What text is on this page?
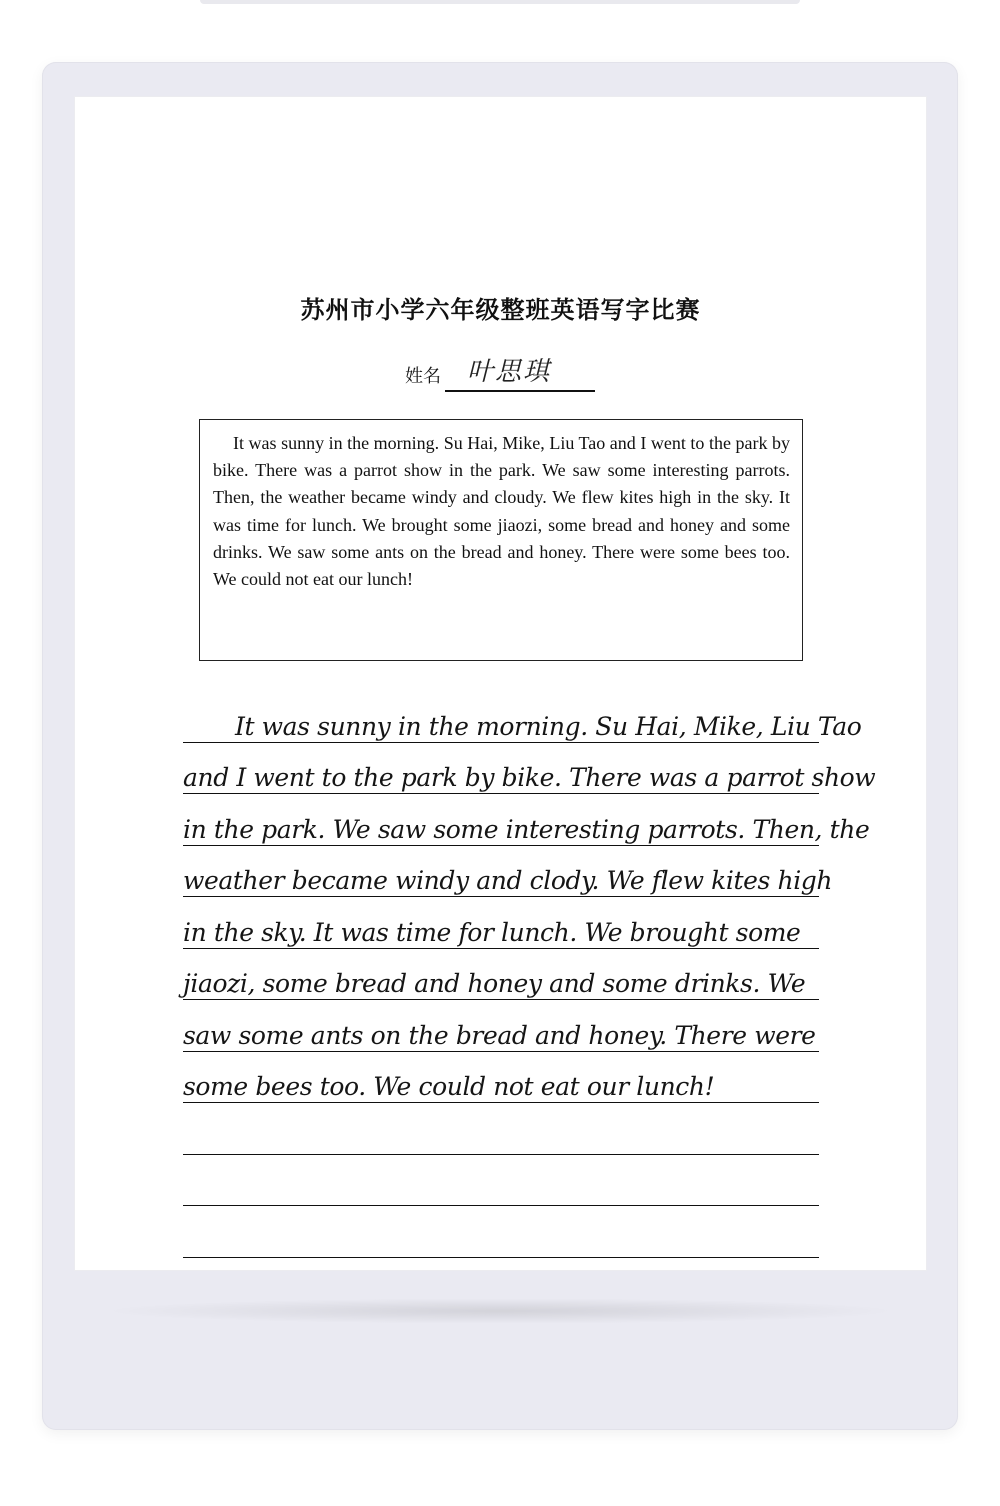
苏州市小学六年级整班英语写字比赛
姓名 叶思琪

It was sunny in the morning. Su Hai, Mike, Liu Tao and I went to the park by bike. There was a parrot show in the park. We saw some interesting parrots. Then, the weather became windy and cloudy. We flew kites high in the sky. It was time for lunch. We brought some jiaozi, some bread and honey and some drinks. We saw some ants on the bread and honey. There were some bees too. We could not eat our lunch!

It was sunny in the morning. Su Hai, Mike, Liu Tao
and I went to the park by bike. There was a parrot show
in the park. We saw some interesting parrots. Then, the
weather became windy and clody. We flew kites high
in the sky. It was time for lunch. We brought some
jiaozi, some bread and honey and some drinks. We
saw some ants on the bread and honey. There were
some bees too. We could not eat our lunch!
